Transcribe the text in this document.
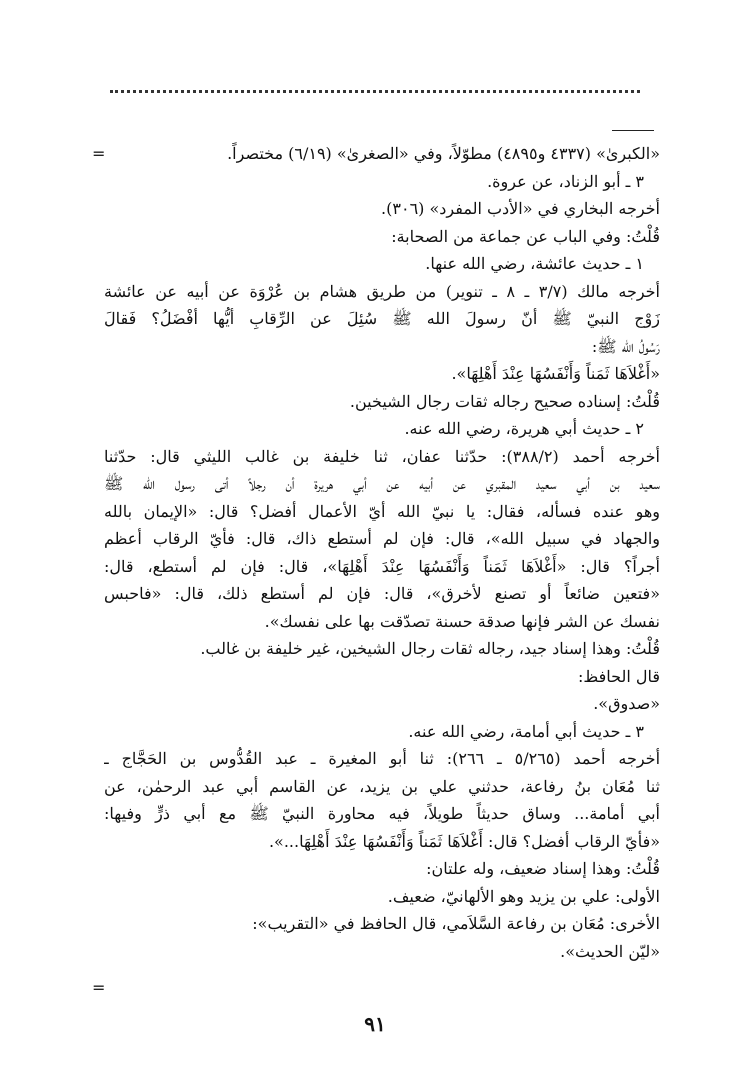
=	«الكبرىٰ» (٤٣٣٧ و٤٨٩٥) مطوّلاً، وفي «الصغرىٰ» (٦/١٩) مختصراً.
٣ ـ أبو الزناد، عن عروة.
أخرجه البخاري في «الأدب المفرد» (٣٠٦).
قُلْتُ: وفي الباب عن جماعة من الصحابة:
١ ـ حديث عائشة، رضي الله عنها.
أخرجه مالك (٣/٧ ـ ٨ ـ تنوير) من طريق هشام بن عُرْوَة عن أبيه عن عائشة
زَوْج النبيّ ﷺ أنّ رسولَ الله ﷺ سُئِلَ عن الرِّقابِ أيُّها أفْضَلُ؟ فَقالَ
رَسُولُ الله ﷺ:
«أَغْلاَهَا ثَمَناً وَأَنْفَسُهَا عِنْدَ أَهْلِهَا».
قُلْتُ: إسناده صحيح رجاله ثقات رجال الشيخين.
٢ ـ حديث أبي هريرة، رضي الله عنه.
أخرجه أحمد (٣٨٨/٢): حدّثنا عفان، ثنا خليفة بن غالب الليثي قال: حدّثنا
سعيد بن أبي سعيد المقبري عن أبيه عن أبي هريرة أن رجلاً أتى رسول الله ﷺ
وهو عنده فسأله، فقال: يا نبيّ الله أيّ الأعمال أفضل؟ قال: «الإيمان بالله
والجهاد في سبيل الله»، قال: فإن لم أستطع ذاك، قال: فأيّ الرقاب أعظم
أجراً؟ قال: «أَغْلاَهَا ثَمَناً وَأَنْفَسُهَا عِنْدَ أَهْلِهَا»، قال: فإن لم أستطع، قال:
«فتعين ضائعاً أو تصنع لأخرق»، قال: فإن لم أستطع ذلك، قال: «فاحبس
نفسك عن الشر فإنها صدقة حسنة تصدّقت بها على نفسك».
قُلْتُ: وهذا إسناد جيد، رجاله ثقات رجال الشيخين، غير خليفة بن غالب.
قال الحافظ:
«صدوق».
٣ ـ حديث أبي أمامة، رضي الله عنه.
أخرجه أحمد (٥/٢٦٥ ـ ٢٦٦): ثنا أبو المغيرة ـ عبد القُدُّوس بن الحَجَّاج ـ
ثنا مُعَان بنُ رفاعة، حدثني علي بن يزيد، عن القاسم أبي عبد الرحمٰن، عن
أبي أمامة... وساق حديثاً طويلاً، فيه محاورة النبيّ ﷺ مع أبي ذرٍّ وفيها:
«فأيّ الرقاب أفضل؟ قال: أَغْلاَهَا ثَمَناً وَأَنْفَسُهَا عِنْدَ أَهْلِهَا...».
قُلْتُ: وهذا إسناد ضعيف، وله علتان:
الأولى: علي بن يزيد وهو الألهانيّ، ضعيف.
الأخرى: مُعَان بن رفاعة السَّلاَمي، قال الحافظ في «التقريب»:
«ليّن الحديث».
=
٩١
